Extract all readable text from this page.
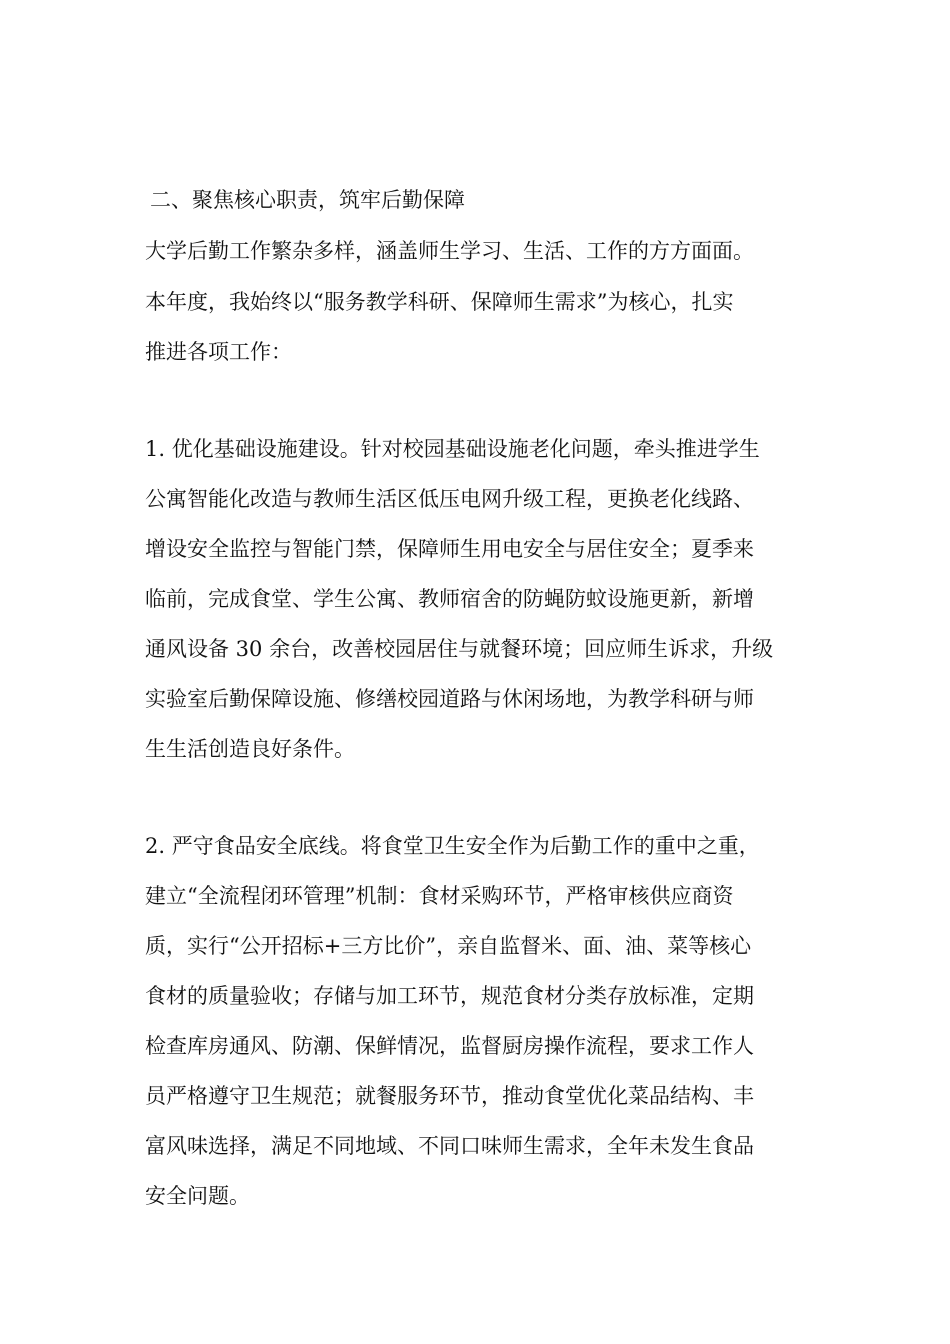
二、聚焦核心职责，筑牢后勤保障
大学后勤工作繁杂多样，涵盖师生学习、生活、工作的方方面面。
本年度，我始终以“服务教学科研、保障师生需求”为核心，扎实
推进各项工作：
1. 优化基础设施建设。针对校园基础设施老化问题，牵头推进学生
公寓智能化改造与教师生活区低压电网升级工程，更换老化线路、
增设安全监控与智能门禁，保障师生用电安全与居住安全；夏季来
临前，完成食堂、学生公寓、教师宿舍的防蝇防蚊设施更新，新增
通风设备 30 余台，改善校园居住与就餐环境；回应师生诉求，升级
实验室后勤保障设施、修缮校园道路与休闲场地，为教学科研与师
生生活创造良好条件。
2. 严守食品安全底线。将食堂卫生安全作为后勤工作的重中之重，
建立“全流程闭环管理”机制：食材采购环节，严格审核供应商资
质，实行“公开招标+三方比价”，亲自监督米、面、油、菜等核心
食材的质量验收；存储与加工环节，规范食材分类存放标准，定期
检查库房通风、防潮、保鲜情况，监督厨房操作流程，要求工作人
员严格遵守卫生规范；就餐服务环节，推动食堂优化菜品结构、丰
富风味选择，满足不同地域、不同口味师生需求，全年未发生食品
安全问题。
